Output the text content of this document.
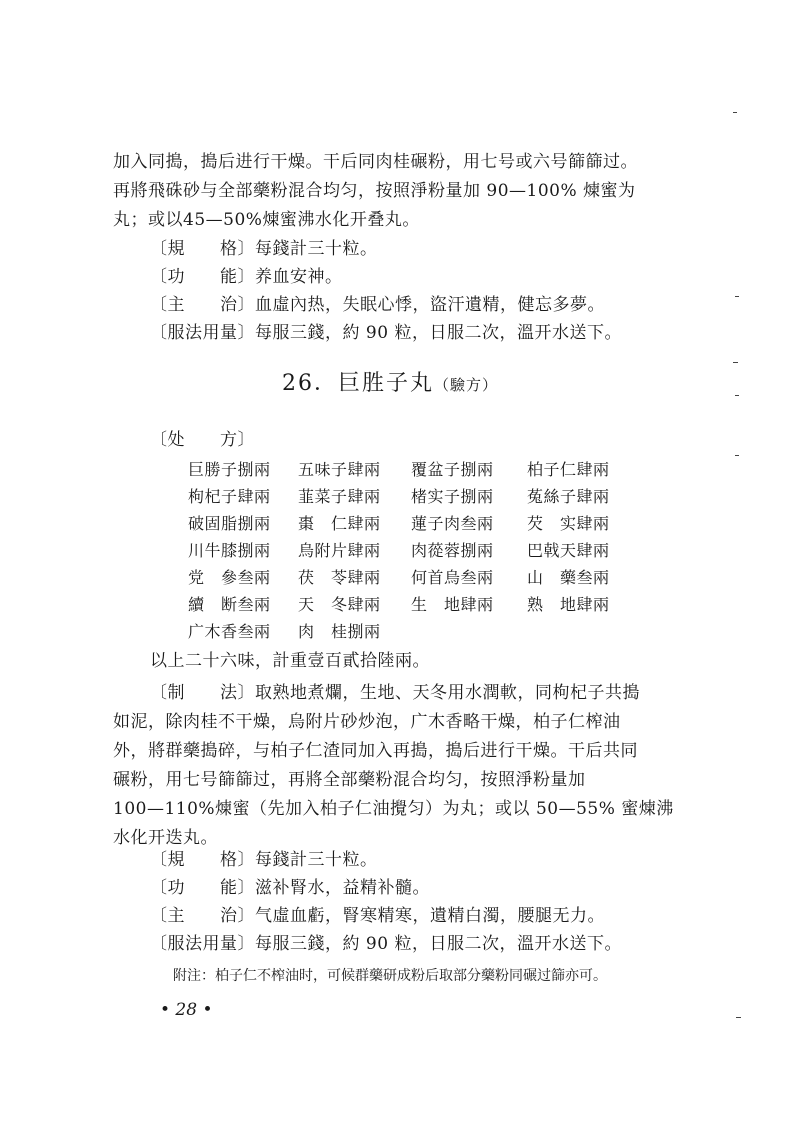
加入同搗，搗后进行干燥。干后同肉桂碾粉，用七号或六号篩篩过。
再將飛硃砂与全部藥粉混合均匀，按照淨粉量加 90—100% 煉蜜为
丸；或以45—50%煉蜜沸水化开叠丸。
〔規　　格〕每錢計三十粒。
〔功　　能〕养血安神。
〔主　　治〕血虛內热，失眠心悸，盜汗遺精，健忘多夢。
〔服法用量〕每服三錢，約 90 粒，日服二次，溫开水送下。
26．巨胜子丸（驗方）
〔处　　方〕
巨勝子捌兩 五味子肆兩 覆盆子捌兩 柏子仁肆兩
枸杞子肆兩 韮菜子肆兩 楮实子捌兩 菟絲子肆兩
破固脂捌兩 棗　仁肆兩 蓮子肉叁兩 芡　实肆兩
川牛膝捌兩 烏附片肆兩 肉蓯蓉捌兩 巴戟天肆兩
党　參叁兩 茯　苓肆兩 何首烏叁兩 山　藥叁兩
續　断叁兩 天　冬肆兩 生　地肆兩 熟　地肆兩
广木香叁兩 肉　桂捌兩
以上二十六味，計重壹百貳拾陸兩。
〔制　　法〕取熟地煮爛，生地、天冬用水潤軟，同枸杞子共搗
如泥，除肉桂不干燥，烏附片砂炒泡，广木香略干燥，柏子仁榨油
外，將群藥搗碎，与柏子仁渣同加入再搗，搗后进行干燥。干后共同
碾粉，用七号篩篩过，再將全部藥粉混合均匀，按照淨粉量加
100—110%煉蜜（先加入柏子仁油攪匀）为丸；或以 50—55% 蜜煉沸
水化开迭丸。
〔規　　格〕每錢計三十粒。
〔功　　能〕滋补腎水，益精补髓。
〔主　　治〕气虛血虧，腎寒精寒，遺精白濁，腰腿无力。
〔服法用量〕每服三錢，約 90 粒，日服二次，溫开水送下。
附注：柏子仁不榨油时，可候群藥研成粉后取部分藥粉同碾过篩亦可。
• 28 •
